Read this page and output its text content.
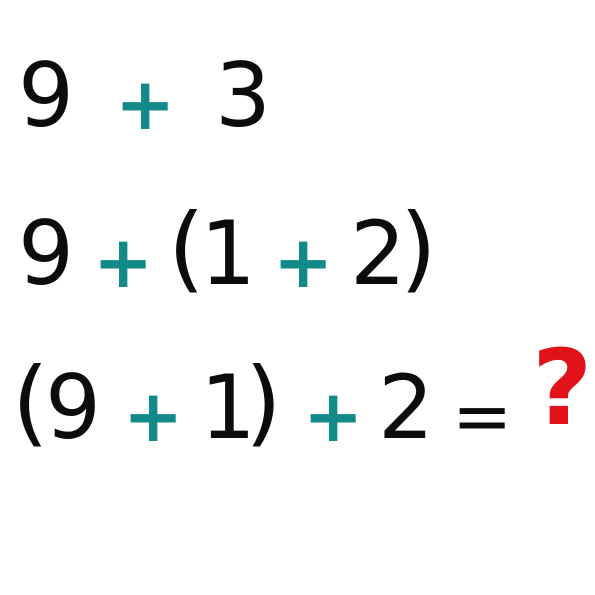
9 + 3
9 + (
1 + 2
)
(
9 + 1
) + 2 = ?
